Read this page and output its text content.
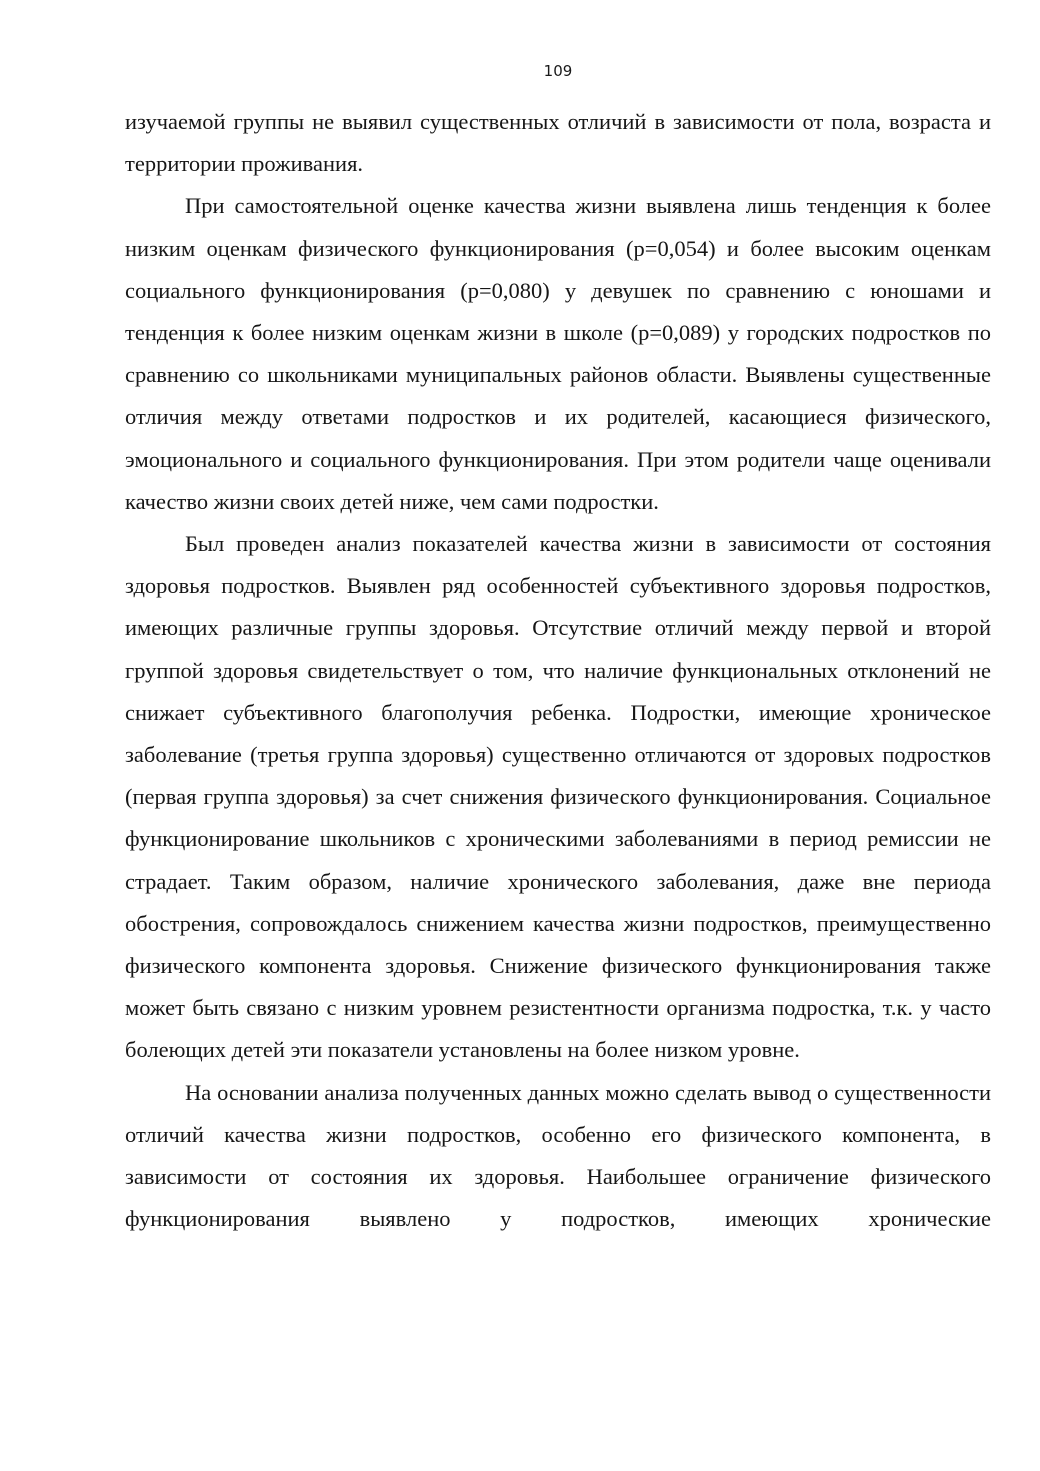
109

изучаемой группы не выявил существенных отличий в зависимости от пола, возраста и территории проживания.

При самостоятельной оценке качества жизни выявлена лишь тенденция к более низким оценкам физического функционирования (р=0,054) и более высоким оценкам социального функционирования (р=0,080) у девушек по сравнению с юношами и тенденция к более низким оценкам жизни в школе (р=0,089) у городских подростков по сравнению со школьниками муниципальных районов области. Выявлены существенные отличия между ответами подростков и их родителей, касающиеся физического, эмоционального и социального функционирования. При этом родители чаще оценивали качество жизни своих детей ниже, чем сами подростки.

Был проведен анализ показателей качества жизни в зависимости от состояния здоровья подростков. Выявлен ряд особенностей субъективного здоровья подростков, имеющих различные группы здоровья. Отсутствие отличий между первой и второй группой здоровья свидетельствует о том, что наличие функциональных отклонений не снижает субъективного благополучия ребенка. Подростки, имеющие хроническое заболевание (третья группа здоровья) существенно отличаются от здоровых подростков (первая группа здоровья) за счет снижения физического функционирования. Социальное функционирование школьников с хроническими заболеваниями в период ремиссии не страдает. Таким образом, наличие хронического заболевания, даже вне периода обострения, сопровождалось снижением качества жизни подростков, преимущественно физического компонента здоровья. Снижение физического функционирования также может быть связано с низким уровнем резистентности организма подростка, т.к. у часто болеющих детей эти показатели установлены на более низком уровне.

На основании анализа полученных данных можно сделать вывод о существенности отличий качества жизни подростков, особенно его физического компонента, в зависимости от состояния их здоровья. Наибольшее ограничение физического функционирования выявлено у подростков, имеющих хронические
